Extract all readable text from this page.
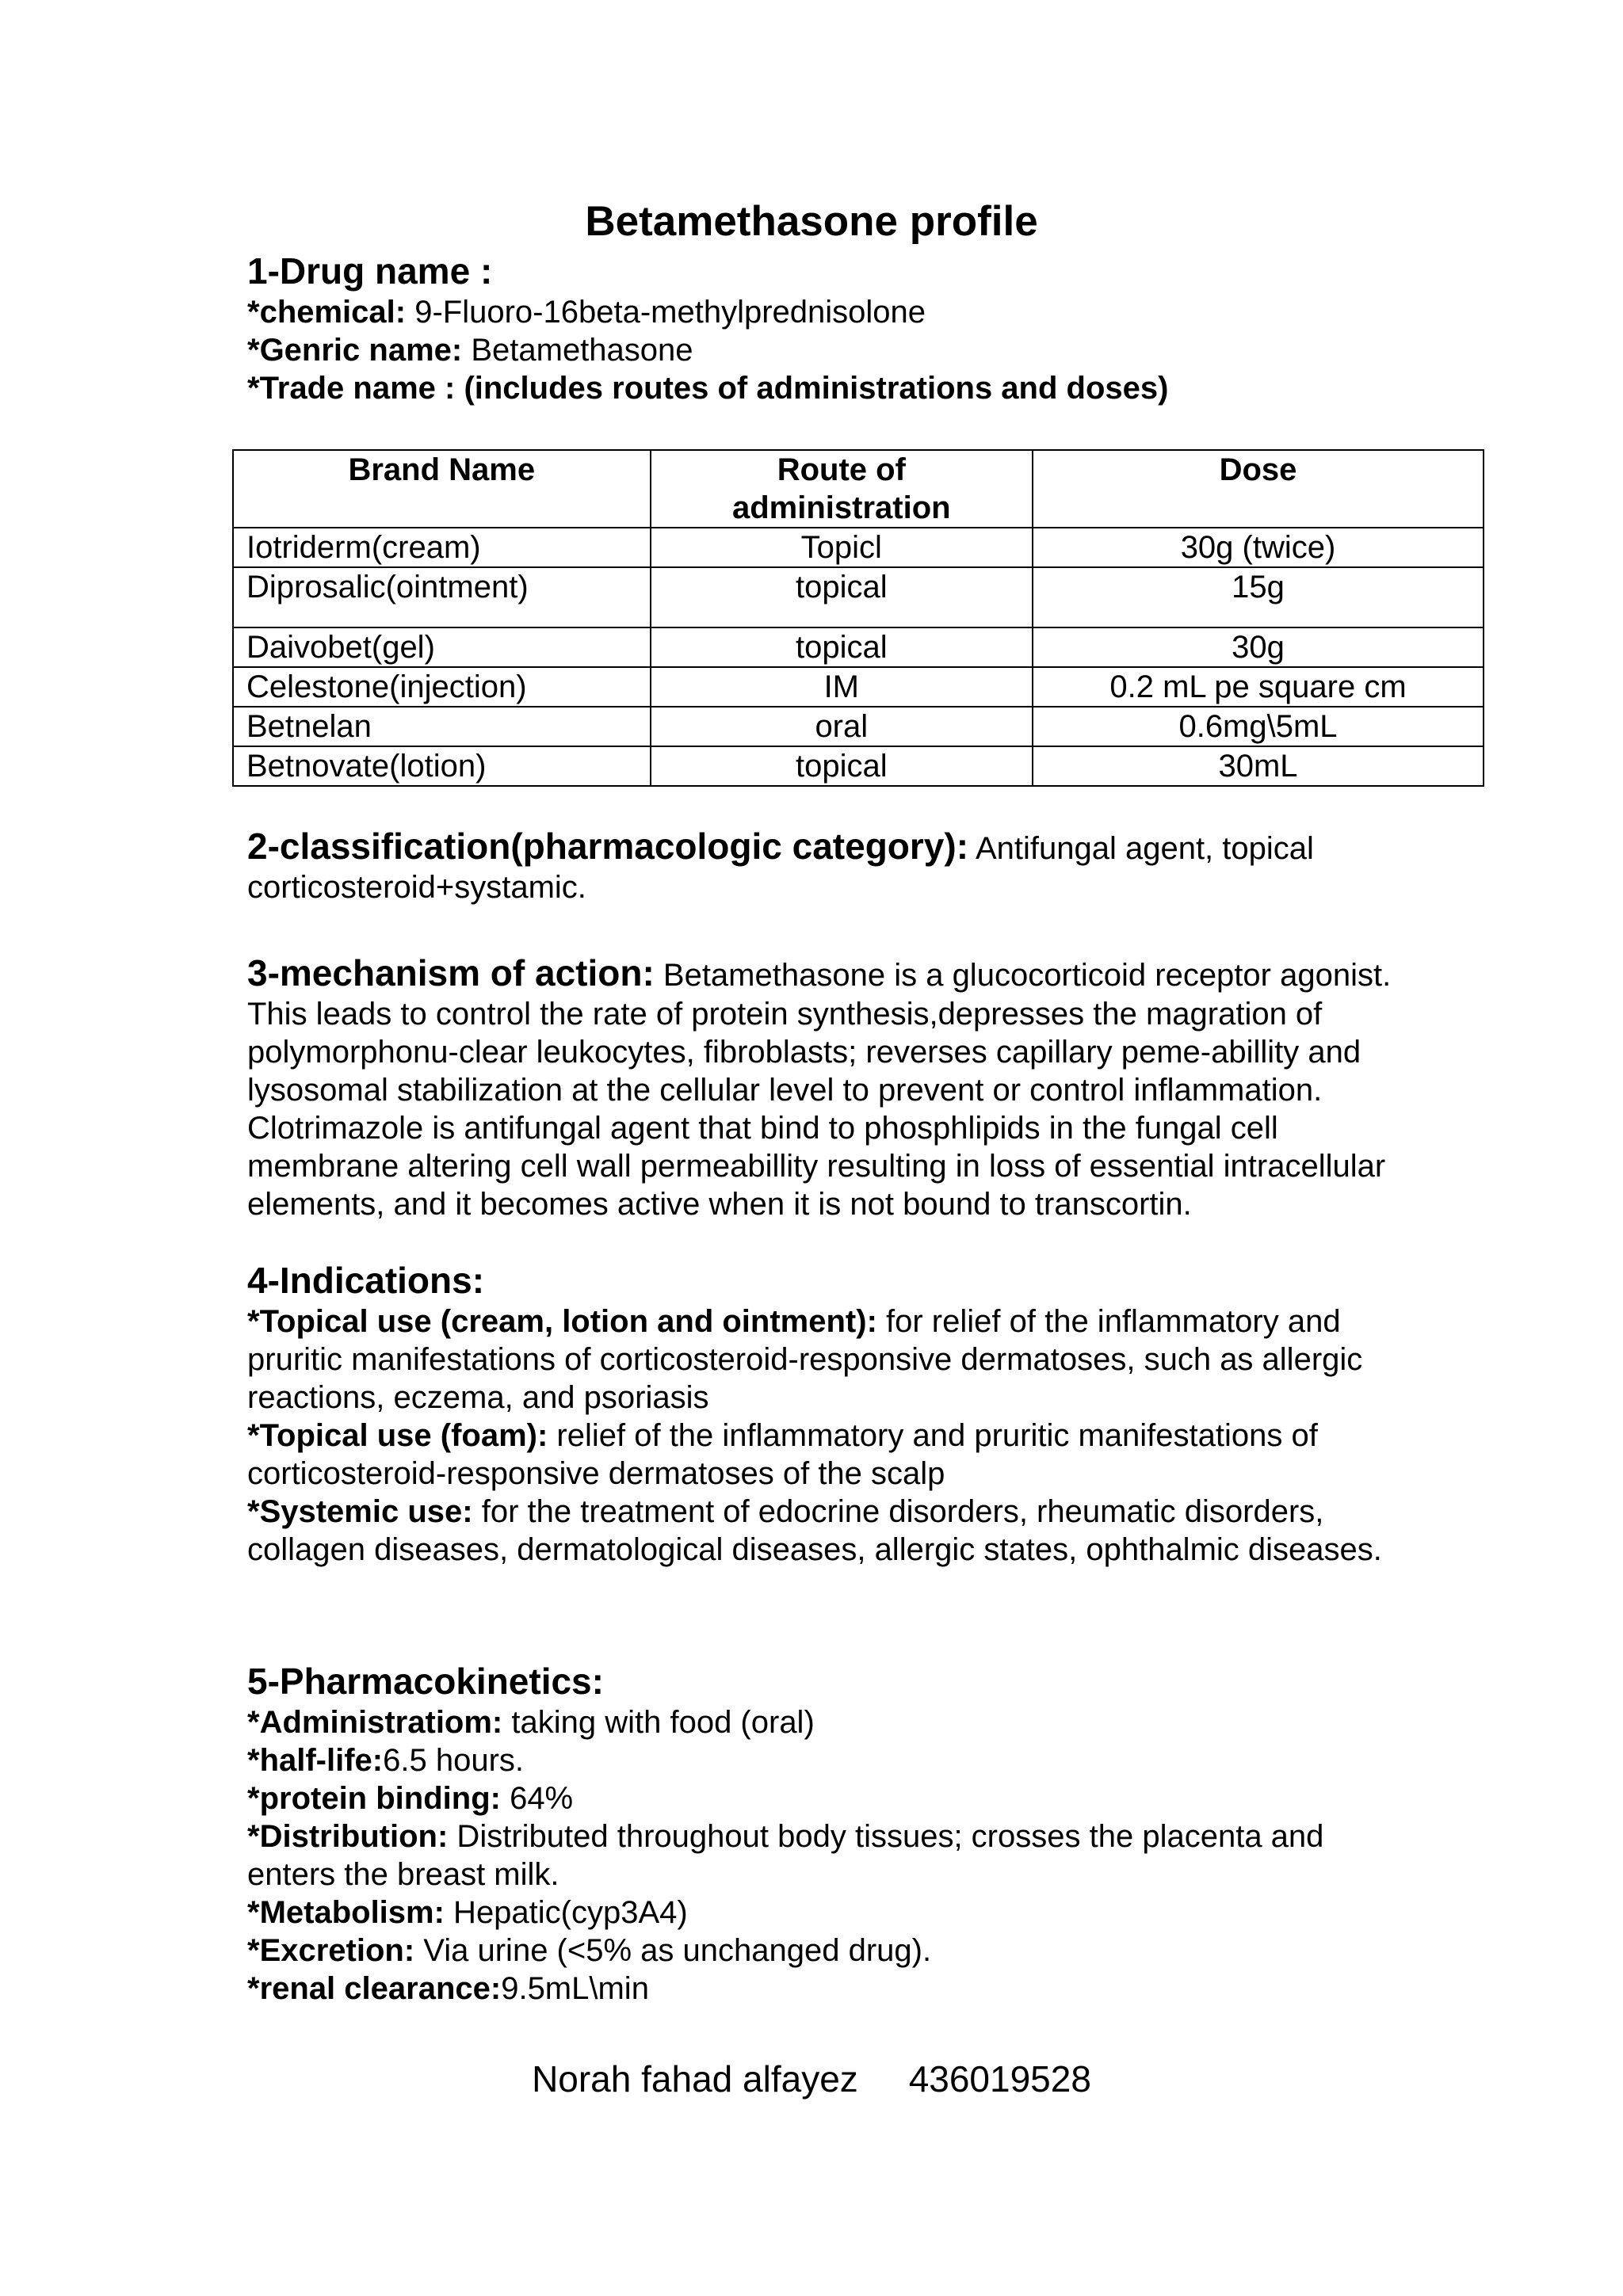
Betamethasone profile
1-Drug name :
*chemical: 9-Fluoro-16beta-methylprednisolone
*Genric name: Betamethasone
*Trade name : (includes routes of administrations and doses)
Brand Name	Route of administration	Dose
Iotriderm(cream)	Topicl	30g (twice)
Diprosalic(ointment)	topical	15g
Daivobet(gel)	topical	30g
Celestone(injection)	IM	0.2 mL pe square cm
Betnelan	oral	0.6mg\5mL
Betnovate(lotion)	topical	30mL
2-classification(pharmacologic category): Antifungal agent, topical corticosteroid+systamic.
3-mechanism of action: Betamethasone is a glucocorticoid receptor agonist. This leads to control the rate of protein synthesis,depresses the magration of polymorphonu-clear leukocytes, fibroblasts; reverses capillary peme-abillity and lysosomal stabilization at the cellular level to prevent or control inflammation. Clotrimazole is antifungal agent that bind to phosphlipids in the fungal cell membrane altering cell wall permeabillity resulting in loss of essential intracellular elements, and it becomes active when it is not bound to transcortin.
4-Indications:
*Topical use (cream, lotion and ointment): for relief of the inflammatory and pruritic manifestations of corticosteroid-responsive dermatoses, such as allergic reactions, eczema, and psoriasis
*Topical use (foam): relief of the inflammatory and pruritic manifestations of corticosteroid-responsive dermatoses of the scalp
*Systemic use: for the treatment of edocrine disorders, rheumatic disorders, collagen diseases, dermatological diseases, allergic states, ophthalmic diseases.
5-Pharmacokinetics:
*Administratiom: taking with food (oral)
*half-life:6.5 hours.
*protein binding: 64%
*Distribution: Distributed throughout body tissues; crosses the placenta and enters the breast milk.
*Metabolism: Hepatic(cyp3A4)
*Excretion: Via urine (<5% as unchanged drug).
*renal clearance:9.5mL\min
Norah fahad alfayez 436019528
